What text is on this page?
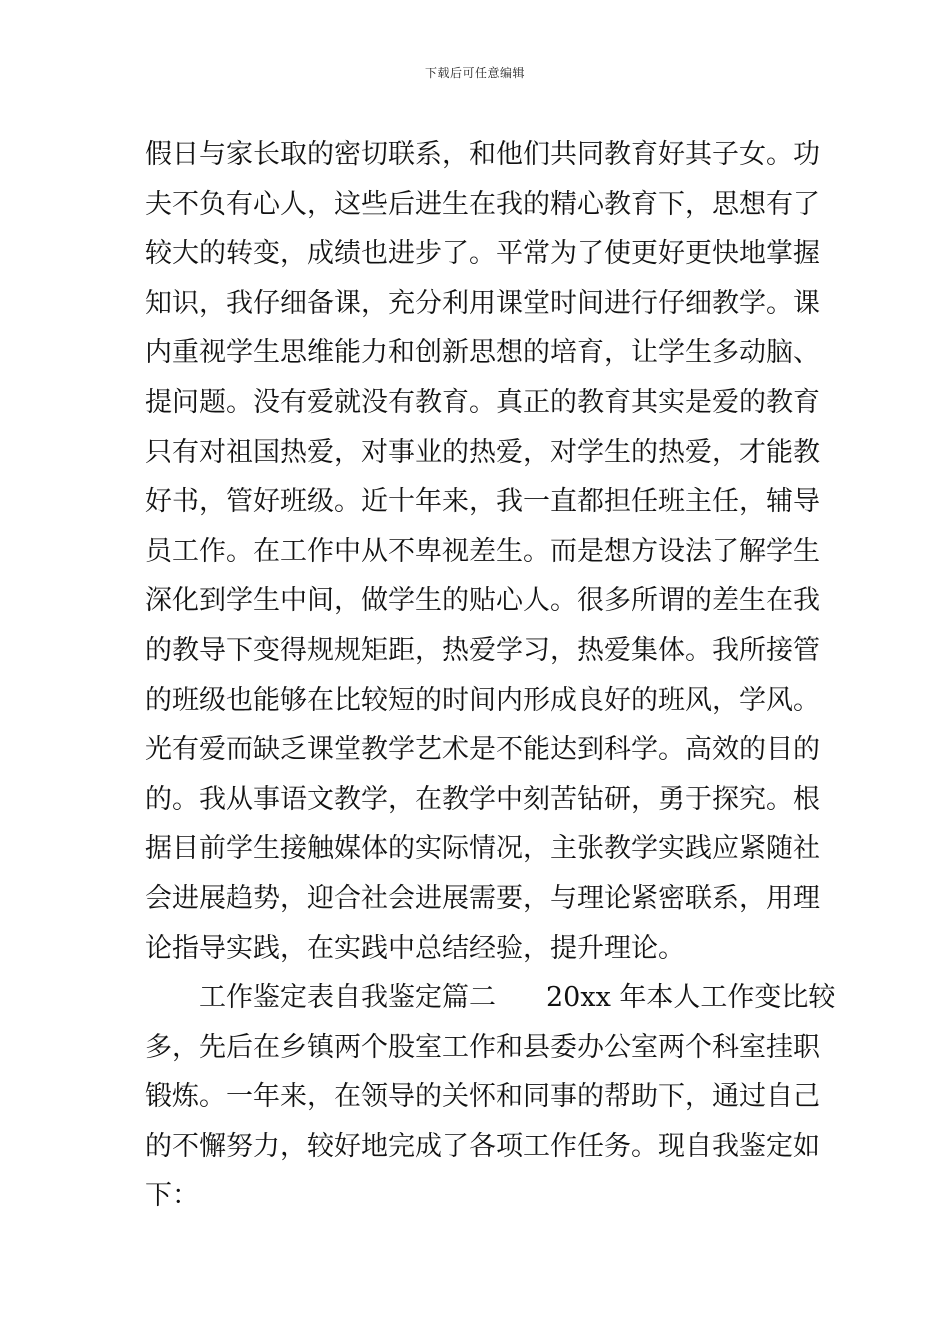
下载后可任意编辑
假日与家长取的密切联系，和他们共同教育好其子女。功
夫不负有心人，这些后进生在我的精心教育下，思想有了
较大的转变，成绩也进步了。平常为了使更好更快地掌握
知识，我仔细备课，充分利用课堂时间进行仔细教学。课
内重视学生思维能力和创新思想的培育，让学生多动脑、
提问题。没有爱就没有教育。真正的教育其实是爱的教育
只有对祖国热爱，对事业的热爱，对学生的热爱，才能教
好书，管好班级。近十年来，我一直都担任班主任，辅导
员工作。在工作中从不卑视差生。而是想方设法了解学生
深化到学生中间，做学生的贴心人。很多所谓的差生在我
的教导下变得规规矩距，热爱学习，热爱集体。我所接管
的班级也能够在比较短的时间内形成良好的班风，学风。
光有爱而缺乏课堂教学艺术是不能达到科学。高效的目的
的。我从事语文教学，在教学中刻苦钻研，勇于探究。根
据目前学生接触媒体的实际情况，主张教学实践应紧随社
会进展趋势，迎合社会进展需要，与理论紧密联系，用理
论指导实践，在实践中总结经验，提升理论。
工作鉴定表自我鉴定篇二 20xx 年本人工作变比较
多，先后在乡镇两个股室工作和县委办公室两个科室挂职
锻炼。一年来，在领导的关怀和同事的帮助下，通过自己
的不懈努力，较好地完成了各项工作任务。现自我鉴定如
下：
